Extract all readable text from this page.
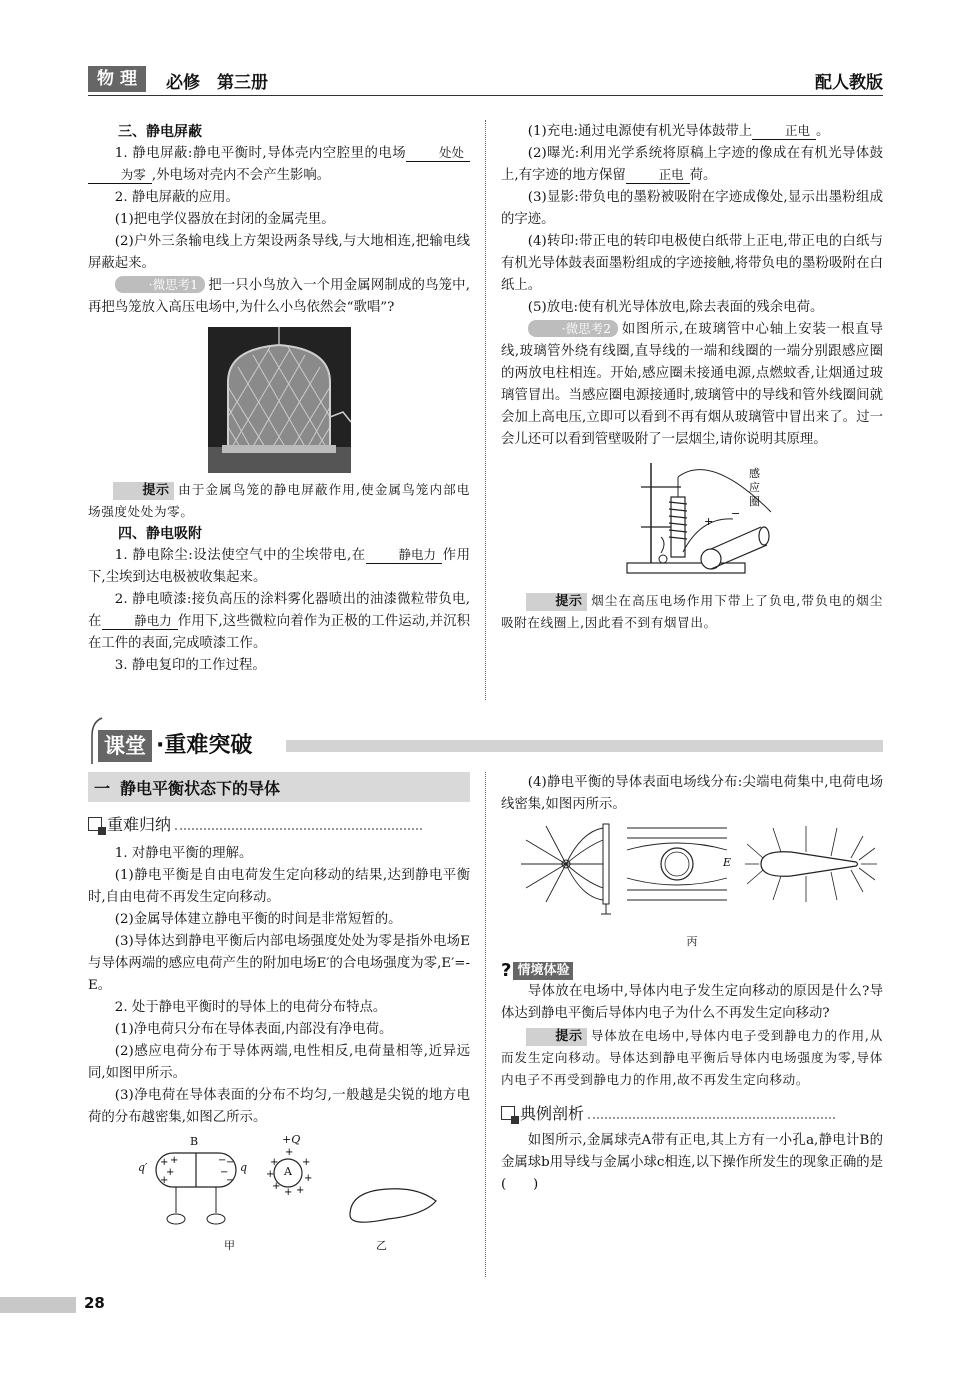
物 理	必修　第三册	配人教版

三、静电屏蔽

1. 静电屏蔽:静电平衡时,导体壳内空腔里的电场	处处为零 ,外电场对壳内不会产生影响。

2. 静电屏蔽的应用。

(1)把电学仪器放在封闭的金属壳里。

(2)户外三条输电线上方架设两条导线,与大地相连,把输电线屏蔽起来。

·微思考1 把一只小鸟放入一个用金属网制成的鸟笼中,再把鸟笼放入高压电场中,为什么小鸟依然会“歌唱”?

提示 由于金属鸟笼的静电屏蔽作用,使金属鸟笼内部电场强度处处为零。

四、静电吸附

1. 静电除尘:设法使空气中的尘埃带电,在	静电力 作用下,尘埃到达电极被收集起来。

2. 静电喷漆:接负高压的涂料雾化器喷出的油漆微粒带负电,在	静电力 作用下,这些微粒向着作为正极的工件运动,并沉积在工件的表面,完成喷漆工作。

3. 静电复印的工作过程。

(1)充电:通过电源使有机光导体鼓带上	正电 。

(2)曝光:利用光学系统将原稿上字迹的像成在有机光导体鼓上,有字迹的地方保留	正电 荷。

(3)显影:带负电的墨粉被吸附在字迹成像处,显示出墨粉组成的字迹。

(4)转印:带正电的转印电极使白纸带上正电,带正电的白纸与有机光导体鼓表面墨粉组成的字迹接触,将带负电的墨粉吸附在白纸上。

(5)放电:使有机光导体放电,除去表面的残余电荷。

·微思考2 如图所示,在玻璃管中心轴上安装一根直导线,玻璃管外绕有线圈,直导线的一端和线圈的一端分别跟感应圈的两放电柱相连。开始,感应圈未接通电源,点燃蚊香,让烟通过玻璃管冒出。当感应圈电源接通时,玻璃管中的导线和管外线圈间就会加上高电压,立即可以看到不再有烟从玻璃管中冒出来了。过一会儿还可以看到管壁吸附了一层烟尘,请你说明其原理。

+
−
感
应
圈

提示 烟尘在高压电场作用下带上了负电,带负电的烟尘吸附在线圈上,因此看不到有烟冒出。

课堂 ·重难突破
一 静电平衡状态下的导体
重难归纳

1. 对静电平衡的理解。

(1)静电平衡是自由电荷发生定向移动的结果,达到静电平衡时,自由电荷不再发生定向移动。

(2)金属导体建立静电平衡的时间是非常短暂的。

(3)导体达到静电平衡后内部电场强度处处为零是指外电场E与导体两端的感应电荷产生的附加电场E′的合电场强度为零,E′=-E。

2. 处于静电平衡时的导体上的电荷分布特点。

(1)净电荷只分布在导体表面,内部没有净电荷。

(2)感应电荷分布于导体两端,电性相反,电荷量相等,近异远同,如图甲所示。

(3)净电荷在导体表面的分布不均匀,一般越是尖锐的地方电荷的分布越密集,如图乙所示。

+
+
+
+	−
−
−
−	+
+
+
+ +
+
+
+
B
q′	q
+Q
A
甲	乙

(4)静电平衡的导体表面电场线分布:尖端电荷集中,电荷电场线密集,如图丙所示。

E
丙
? 情境体验

导体放在电场中,导体内电子发生定向移动的原因是什么?导体达到静电平衡后导体内电子为什么不再发生定向移动?

提示 导体放在电场中,导体内电子受到静电力的作用,从而发生定向移动。导体达到静电平衡后导体内电场强度为零,导体内电子不再受到静电力的作用,故不再发生定向移动。

典例剖析

如图所示,金属球壳A带有正电,其上方有一小孔a,静电计B的金属球b用导线与金属小球c相连,以下操作所发生的现象正确的是(　　)

28
